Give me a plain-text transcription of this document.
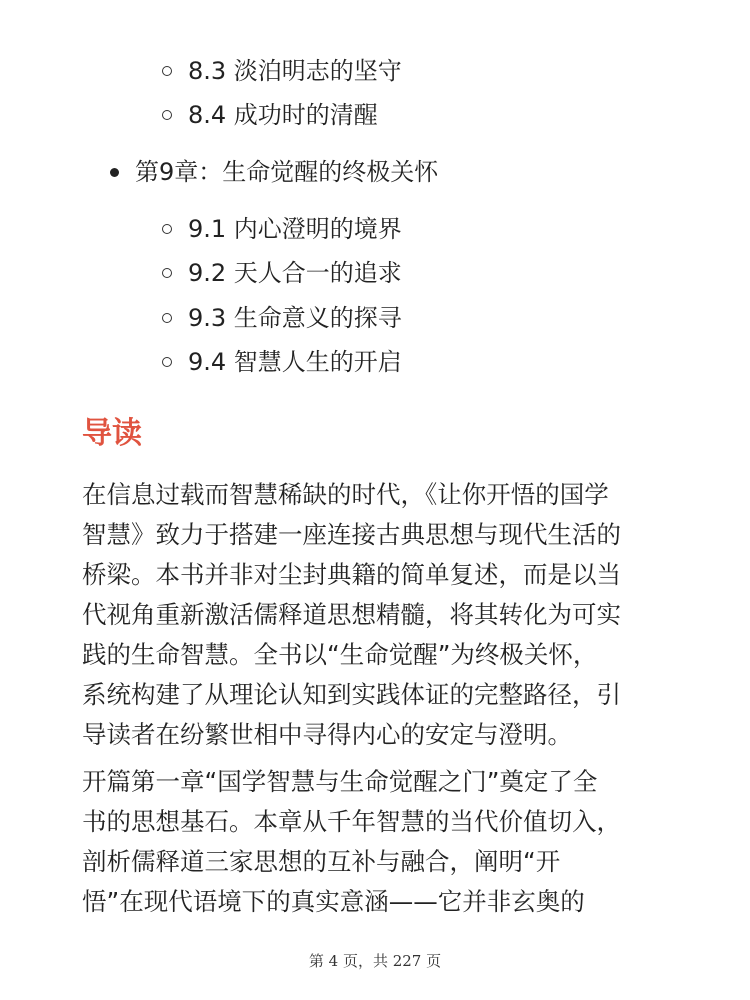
8.3 淡泊明志的坚守
8.4 成功时的清醒
第9章：生命觉醒的终极关怀
9.1 内心澄明的境界
9.2 天人合一的追求
9.3 生命意义的探寻
9.4 智慧人生的开启
导读
在信息过载而智慧稀缺的时代，《让你开悟的国学
智慧》致力于搭建一座连接古典思想与现代生活的
桥梁。本书并非对尘封典籍的简单复述，而是以当
代视角重新激活儒释道思想精髓，将其转化为可实
践的生命智慧。全书以“生命觉醒”为终极关怀，
系统构建了从理论认知到实践体证的完整路径，引
导读者在纷繁世相中寻得内心的安定与澄明。
开篇第一章“国学智慧与生命觉醒之门”奠定了全
书的思想基石。本章从千年智慧的当代价值切入，
剖析儒释道三家思想的互补与融合，阐明“开
悟”在现代语境下的真实意涵——它并非玄奥的
第 4 页，共 227 页
